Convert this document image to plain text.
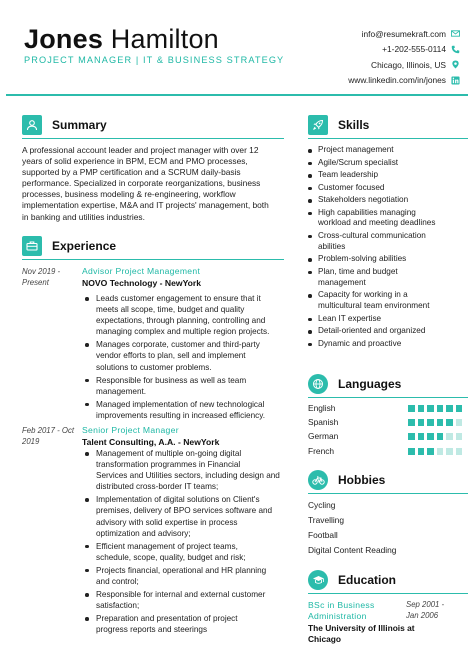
Jones Hamilton
PROJECT MANAGER | IT & BUSINESS STRATEGY
info@resumekraft.com
+1-202-555-0114
Chicago, Illinois, US
www.linkedin.com/in/jones
Summary
A professional account leader and project manager with over 12
years of solid experience in BPM, ECM and PMO processes,
supported by a PMP certification and a SCRUM daily-basis
performance. Specialized in corporate reorganizations, business
processes, business modeling & re-engineering, workflow
implementation expertise, M&A and IT projects' management, both
in banking and utilities industries.
Experience
Nov 2019 -
Present
Advisor Project Management
NOVO Technology - NewYork
Leads customer engagement to ensure that it
meets all scope, time, budget and quality
expectations, through planning, controlling and
managing complex and multiple region projects.
Manages corporate, customer and third-party
vendor efforts to plan, sell and implement
solutions to customer problems.
Responsible for business as well as team
management.
Managed implementation of new technological
improvements resulting in increased efficiency.
Feb 2017 - Oct
2019
Senior Project Manager
Talent Consulting, A.A. - NewYork
Management of multiple on-going digital
transformation programmes in Financial
Services and Utilities sectors, including design and
distributed cross-border IT teams;
Implementation of digital solutions on Client's
premises, delivery of BPO services software and
advisory with solid expertise in process
optimization and advisory;
Efficient management of project teams,
schedule, scope, quality, budget and risk;
Projects financial, operational and HR planning
and control;
Responsible for internal and external customer
satisfaction;
Preparation and presentation of project
progress reports and steerings
Skills
Project management
Agile/Scrum specialist
Team leadership
Customer focused
Stakeholders negotiation
High capabilities managing
workload and meeting deadlines
Cross-cultural communication
abilities
Problem-solving abilities
Plan, time and budget
management
Capacity for working in a
multicultural team environment
Lean IT expertise
Detail-oriented and organized
Dynamic and proactive
Languages
English
Spanish
German
French
Hobbies
Cycling
Travelling
Football
Digital Content Reading
Education
BSc in Business
Administration
Sep 2001 -
Jan 2006
The University of Illinois at
Chicago
